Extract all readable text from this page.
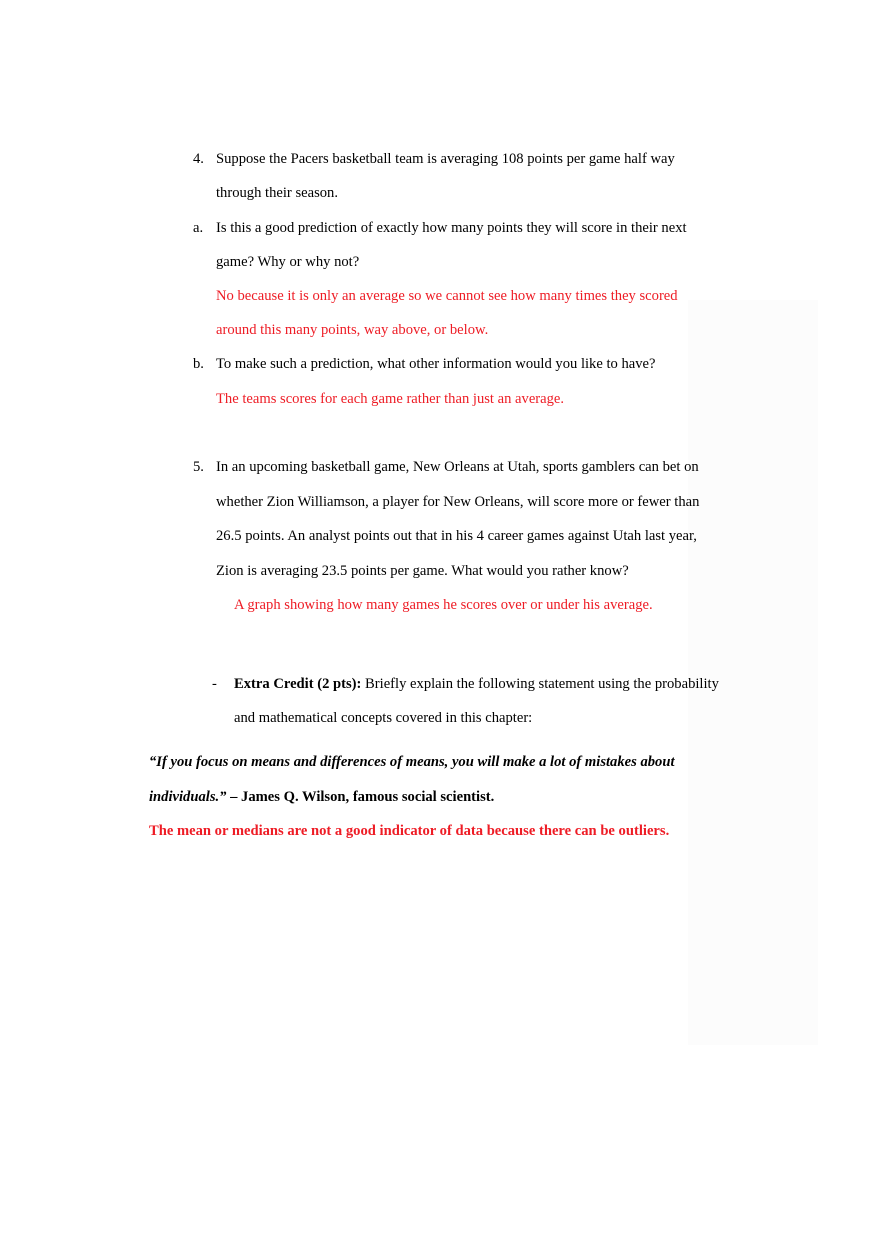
4. Suppose the Pacers basketball team is averaging 108 points per game half way
through their season.
a. Is this a good prediction of exactly how many points they will score in their next
game? Why or why not?
No because it is only an average so we cannot see how many times they scored
around this many points, way above, or below.
b. To make such a prediction, what other information would you like to have?
The teams scores for each game rather than just an average.
5. In an upcoming basketball game, New Orleans at Utah, sports gamblers can bet on
whether Zion Williamson, a player for New Orleans, will score more or fewer than
26.5 points. An analyst points out that in his 4 career games against Utah last year,
Zion is averaging 23.5 points per game. What would you rather know?
A graph showing how many games he scores over or under his average.
- Extra Credit (2 pts): Briefly explain the following statement using the probability
and mathematical concepts covered in this chapter:
“If you focus on means and differences of means, you will make a lot of mistakes about
individuals.” – James Q. Wilson, famous social scientist.
The mean or medians are not a good indicator of data because there can be outliers.
